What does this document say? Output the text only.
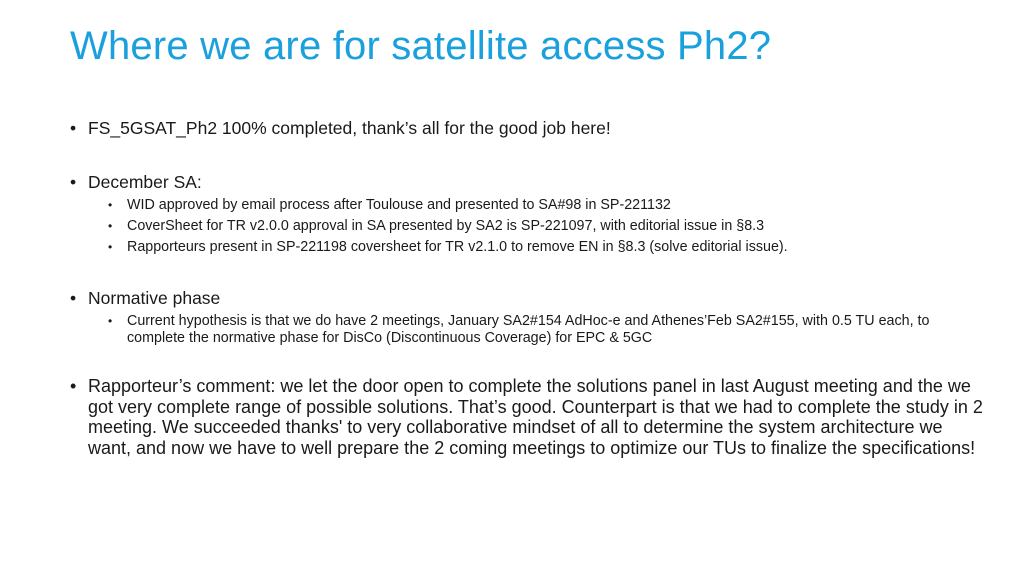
Where we are for satellite access Ph2?
• FS_5GSAT_Ph2 100% completed, thank’s all for the good job here!
• December SA:
• WID approved by email process after Toulouse and presented to SA#98 in SP-221132
• CoverSheet for TR v2.0.0 approval in SA presented by SA2 is SP-221097, with editorial issue in §8.3
• Rapporteurs present in SP-221198 coversheet for TR v2.1.0 to remove EN in §8.3 (solve editorial issue).
• Normative phase
• Current hypothesis is that we do have 2 meetings, January SA2#154 AdHoc-e and Athenes’Feb SA2#155, with 0.5 TU each, to complete the normative phase for DisCo (Discontinuous Coverage) for EPC & 5GC
• Rapporteur’s comment: we let the door open to complete the solutions panel in last August meeting and the we got very complete range of possible solutions. That’s good. Counterpart is that we had to complete the study in 2 meeting. We succeeded thanks' to very collaborative mindset of all to determine the system architecture we want, and now we have to well prepare the 2 coming meetings to optimize our TUs to finalize the specifications!
